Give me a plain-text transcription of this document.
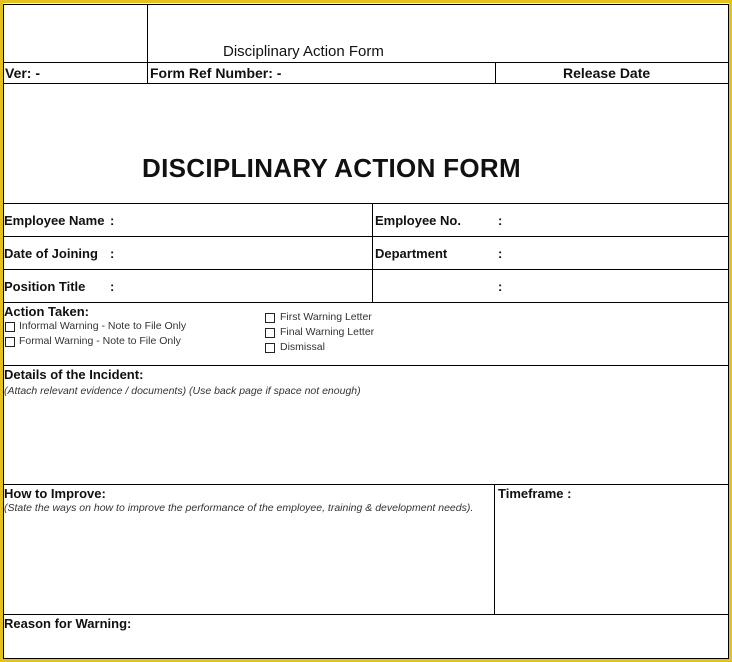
Disciplinary Action Form
Ver: -	Form Ref Number: -	Release Date
DISCIPLINARY ACTION FORM
Employee Name :	Employee No.	:
Date of Joining :	Department	:
Position Title :	:
Action Taken:
Informal Warning - Note to File Only
Formal Warning - Note to File Only
First Warning Letter
Final Warning Letter
Dismissal
Details of the Incident:
(Attach relevant evidence / documents) (Use back page if space not enough)
How to Improve:
(State the ways on how to improve the performance of the employee, training & development needs).
Timeframe :
Reason for Warning:
